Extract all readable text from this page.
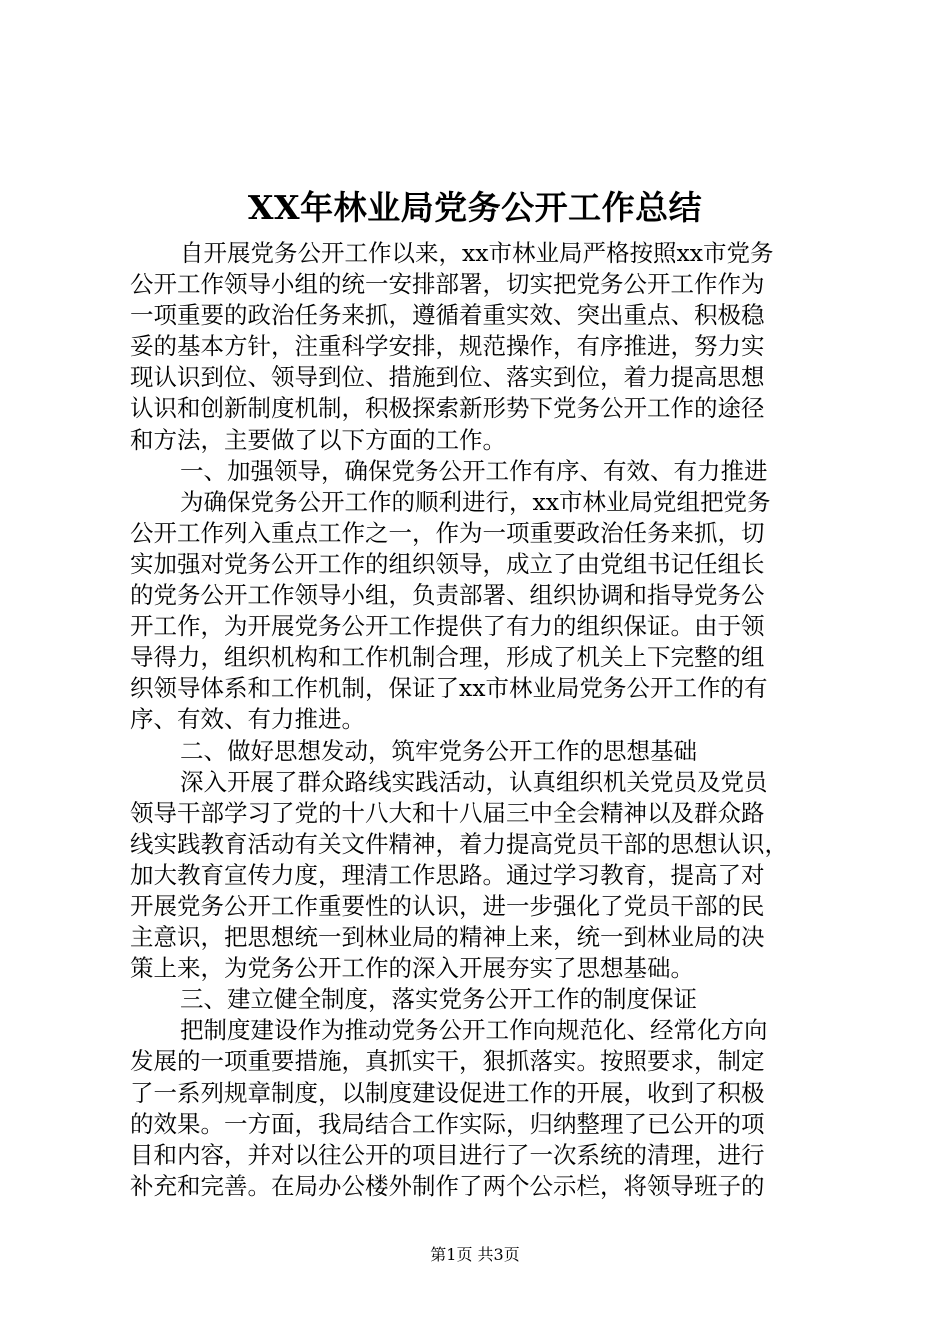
XX年林业局党务公开工作总结
自开展党务公开工作以来，xx市林业局严格按照xx市党务
公开工作领导小组的统一安排部署，切实把党务公开工作作为
一项重要的政治任务来抓，遵循着重实效、突出重点、积极稳
妥的基本方针，注重科学安排，规范操作，有序推进，努力实
现认识到位、领导到位、措施到位、落实到位，着力提高思想
认识和创新制度机制，积极探索新形势下党务公开工作的途径
和方法，主要做了以下方面的工作。
一、加强领导，确保党务公开工作有序、有效、有力推进
为确保党务公开工作的顺利进行，xx市林业局党组把党务
公开工作列入重点工作之一，作为一项重要政治任务来抓，切
实加强对党务公开工作的组织领导，成立了由党组书记任组长
的党务公开工作领导小组，负责部署、组织协调和指导党务公
开工作，为开展党务公开工作提供了有力的组织保证。由于领
导得力，组织机构和工作机制合理，形成了机关上下完整的组
织领导体系和工作机制，保证了xx市林业局党务公开工作的有
序、有效、有力推进。
二、做好思想发动，筑牢党务公开工作的思想基础
深入开展了群众路线实践活动，认真组织机关党员及党员
领导干部学习了党的十八大和十八届三中全会精神以及群众路
线实践教育活动有关文件精神，着力提高党员干部的思想认识，
加大教育宣传力度，理清工作思路。通过学习教育，提高了对
开展党务公开工作重要性的认识，进一步强化了党员干部的民
主意识，把思想统一到林业局的精神上来，统一到林业局的决
策上来，为党务公开工作的深入开展夯实了思想基础。
三、建立健全制度，落实党务公开工作的制度保证
把制度建设作为推动党务公开工作向规范化、经常化方向
发展的一项重要措施，真抓实干，狠抓落实。按照要求，制定
了一系列规章制度，以制度建设促进工作的开展，收到了积极
的效果。一方面，我局结合工作实际，归纳整理了已公开的项
目和内容，并对以往公开的项目进行了一次系统的清理，进行
补充和完善。在局办公楼外制作了两个公示栏，将领导班子的
第1页 共3页
